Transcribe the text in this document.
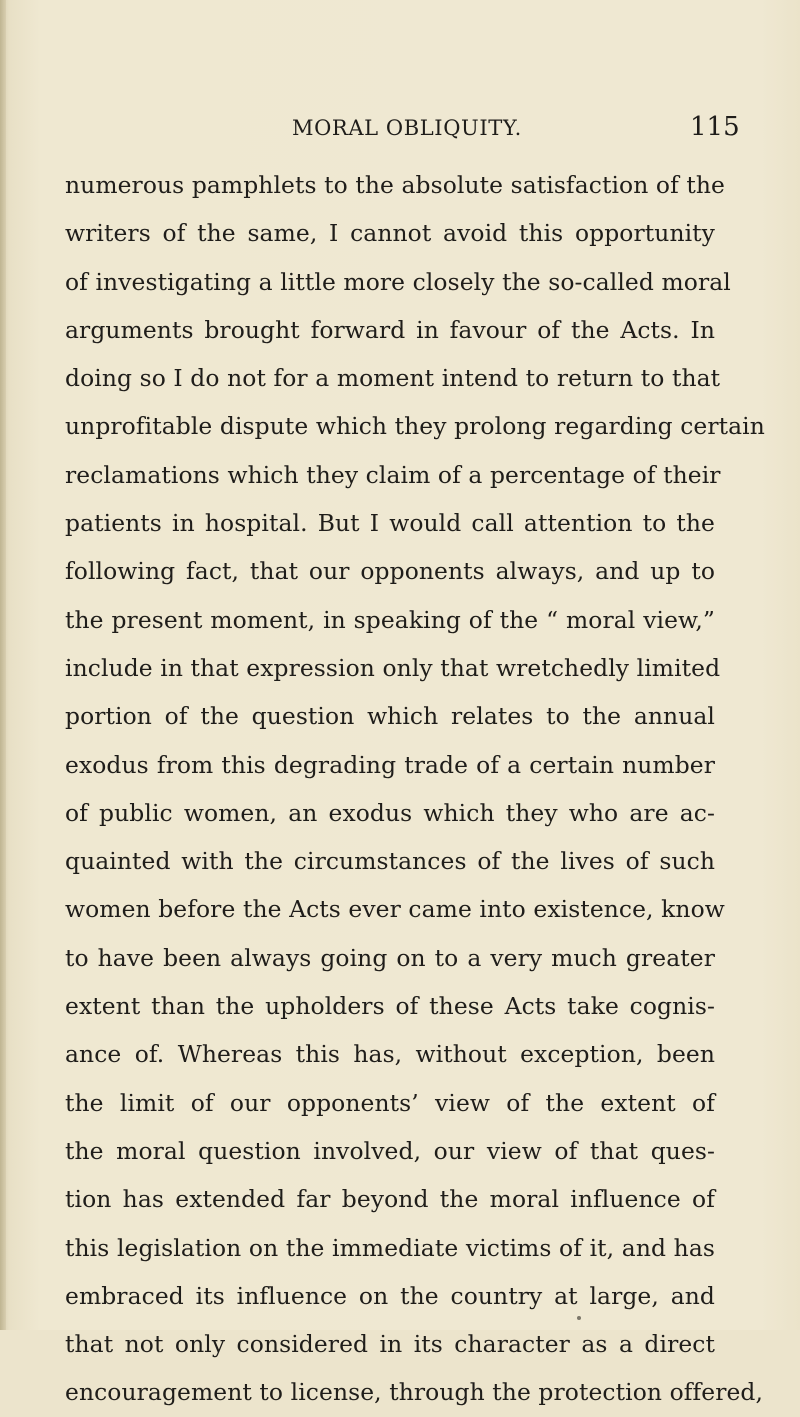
MORAL OBLIQUITY.	115
numerous pamphlets to the absolute satisfaction of the
writers of the same, I cannot avoid this opportunity
of investigating a little more closely the so-called moral
arguments brought forward in favour of the Acts. In
doing so I do not for a moment intend to return to that
unprofitable dispute which they prolong regarding certain
reclamations which they claim of a percentage of their
patients in hospital. But I would call attention to the
following fact, that our opponents always, and up to
the present moment, in speaking of the “ moral view,”
include in that expression only that wretchedly limited
portion of the question which relates to the annual
exodus from this degrading trade of a certain number
of public women, an exodus which they who are ac-
quainted with the circumstances of the lives of such
women before the Acts ever came into existence, know
to have been always going on to a very much greater
extent than the upholders of these Acts take cognis-
ance of. Whereas this has, without exception, been
the limit of our opponents’ view of the extent of
the moral question involved, our view of that ques-
tion has extended far beyond the moral influence of
this legislation on the immediate victims of it, and has
embraced its influence on the country at large, and
that not only considered in its character as a direct
encouragement to license, through the protection offered,
